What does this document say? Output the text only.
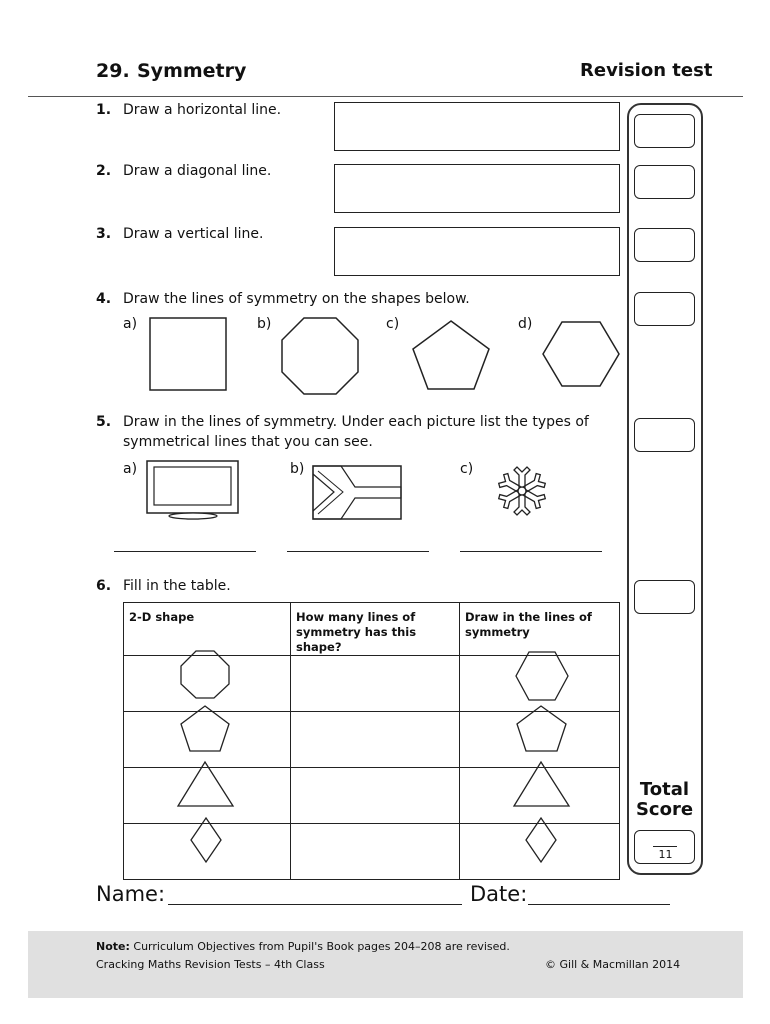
29. Symmetry	Revision test
Total
Score
11
1. Draw a horizontal line.
2. Draw a diagonal line.
3. Draw a vertical line.
4. Draw the lines of symmetry on the shapes below.
a)	b)	c)	d)
5. Draw in the lines of symmetry. Under each picture list the types of
symmetrical lines that you can see.
a)	b)	c)
6. Fill in the table.
2-D shape	How many lines of symmetry has this shape?	Draw in the lines of symmetry

Name:	Date:
Note: Curriculum Objectives from Pupil's Book pages 204–208 are revised.
Cracking Maths Revision Tests – 4th Class	© Gill & Macmillan 2014
